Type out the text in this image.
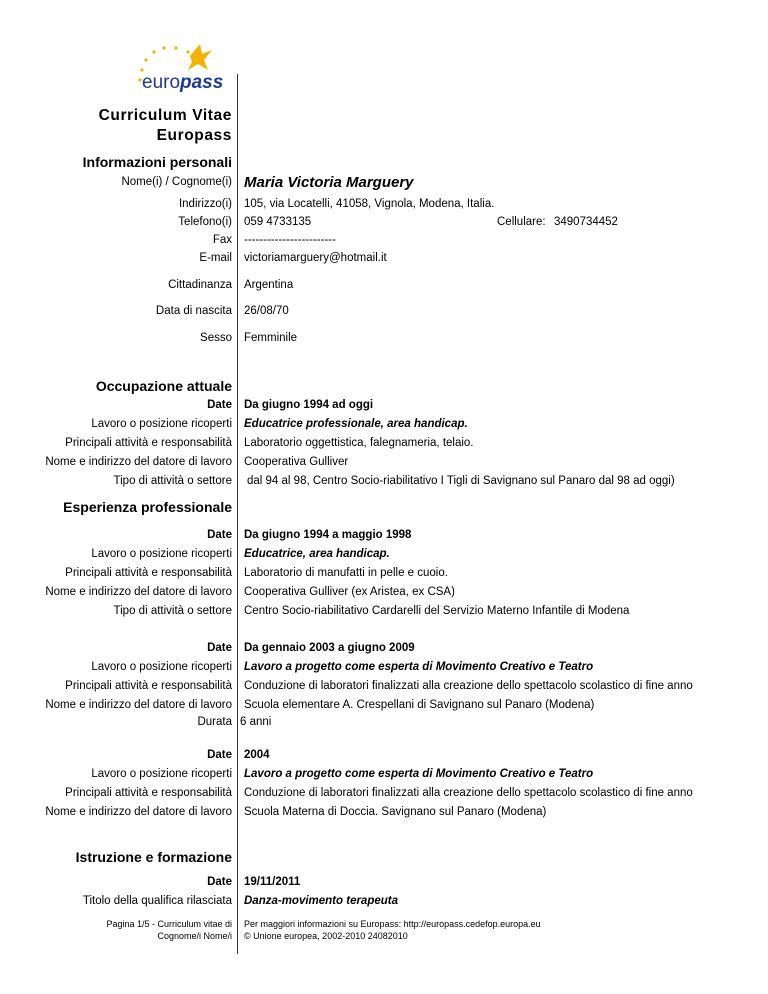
euro pass
Curriculum Vitae
Europass
Informazioni personali
Nome(i) / Cognome(i) Maria Victoria Marguery
Indirizzo(i) 105, via Locatelli, 41058, Vignola, Modena, Italia.
Telefono(i) 059 4733135	Cellulare: 3490734452
Fax ------------------------
E-mail victoriamarguery@hotmail.it
Cittadinanza Argentina
Data di nascita 26/08/70
Sesso Femminile
Occupazione attuale
Date Da giugno 1994 ad oggi
Lavoro o posizione ricoperti Educatrice professionale, area handicap.
Principali attività e responsabilità Laboratorio oggettistica, falegnameria, telaio.
Nome e indirizzo del datore di lavoro Cooperativa Gulliver
Tipo di attività o settore dal 94 al 98, Centro Socio-riabilitativo I Tigli di Savignano sul Panaro dal 98 ad oggi)
Esperienza professionale
Date Da giugno 1994 a maggio 1998
Lavoro o posizione ricoperti Educatrice, area handicap.
Principali attività e responsabilità Laboratorio di manufatti in pelle e cuoio.
Nome e indirizzo del datore di lavoro Cooperativa Gulliver (ex Aristea, ex CSA)
Tipo di attività o settore Centro Socio-riabilitativo Cardarelli del Servizio Materno Infantile di Modena
Date Da gennaio 2003 a giugno 2009
Lavoro o posizione ricoperti Lavoro a progetto come esperta di Movimento Creativo e Teatro
Principali attività e responsabilità Conduzione di laboratori finalizzati alla creazione dello spettacolo scolastico di fine anno
Nome e indirizzo del datore di lavoro Scuola elementare A. Crespellani di Savignano sul Panaro (Modena)
Durata 6 anni
Date 2004
Lavoro o posizione ricoperti Lavoro a progetto come esperta di Movimento Creativo e Teatro
Principali attività e responsabilità Conduzione di laboratori finalizzati alla creazione dello spettacolo scolastico di fine anno
Nome e indirizzo del datore di lavoro Scuola Materna di Doccia. Savignano sul Panaro (Modena)
Istruzione e formazione
Date 19/11/2011
Titolo della qualifica rilasciata Danza-movimento terapeuta
Pagina 1/5 - Curriculum vitae di
Cognome/i Nome/i
Per maggiori informazioni su Europass: http://europass.cedefop.europa.eu
© Unione europea, 2002-2010 24082010
